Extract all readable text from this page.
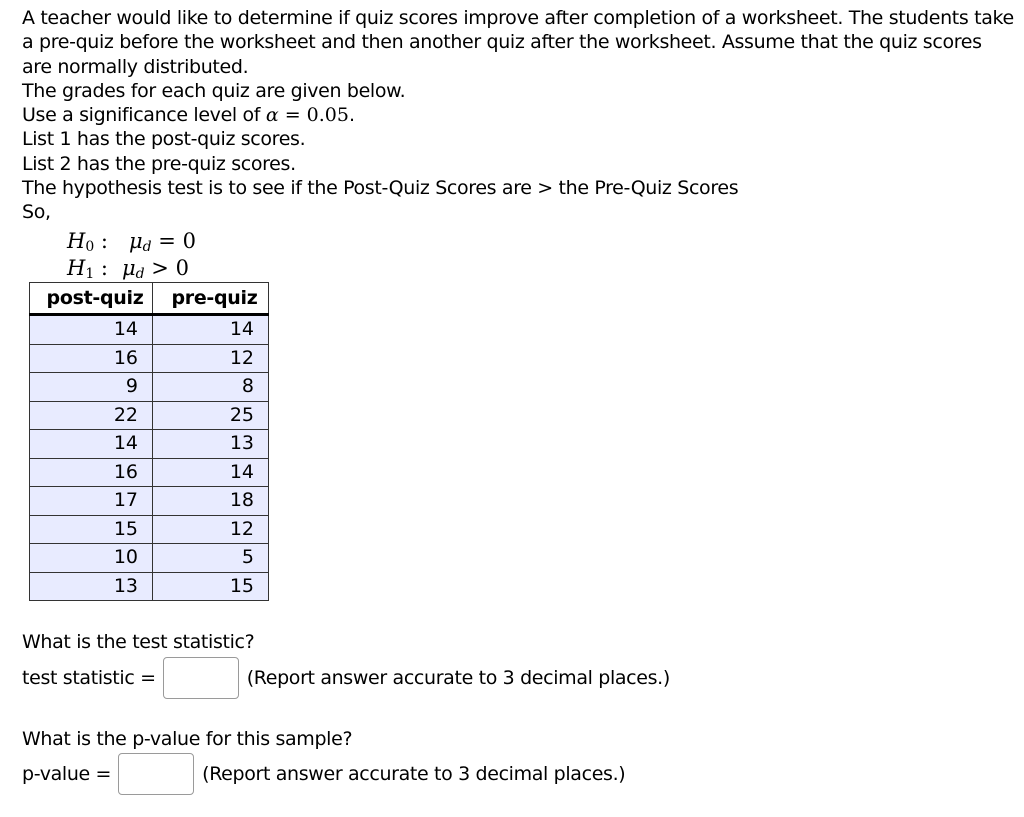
A teacher would like to determine if quiz scores improve after completion of a worksheet. The students take a pre-quiz before the worksheet and then another quiz after the worksheet. Assume that the quiz scores are normally distributed.

The grades for each quiz are given below.
Use a significance level of α = 0.05.
List 1 has the post-quiz scores.
List 2 has the pre-quiz scores.
The hypothesis test is to see if the Post-Quiz Scores are > the Pre-Quiz Scores
So,
$H_0$ : $\mu_d = 0$
$H_1$ : $\mu_d > 0$
post-quiz	pre-quiz
14	14
16	12
9	8
22	25
14	13
16	14
17	18
15	12
10	5
13	15
What is the test statistic?
test statistic =	(Report answer accurate to 3 decimal places.)
What is the p-value for this sample?
p-value =	(Report answer accurate to 3 decimal places.)
